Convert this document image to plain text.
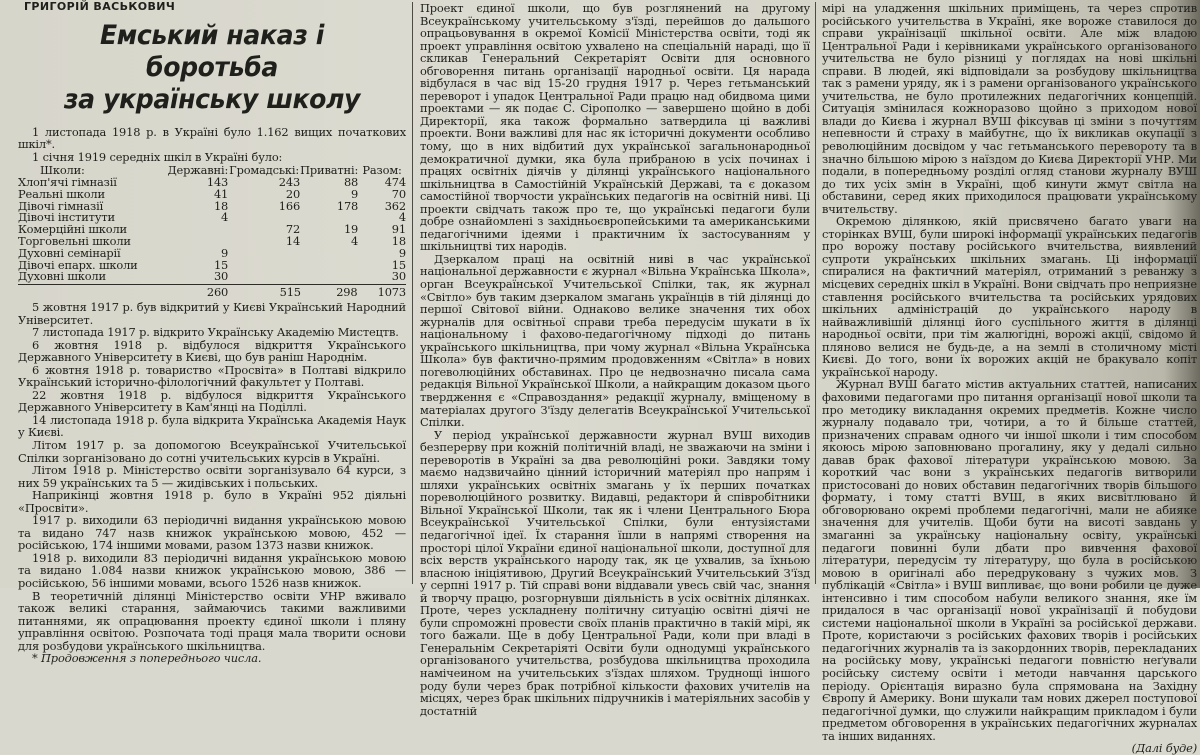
ГРИГОРІЙ ВАСЬКОВИЧ
Емський наказ і боротьба
за українську школу

1 листопада 1918 р. в Україні було 1.162 вищих початкових шкіл*.

1 січня 1919 середніх шкіл в Україні було:

Школи:	Державні:	Громадські:	Приватні:	Разом:
Хлоп'ячі гімназії	143	243	88	474
Реальні школи	41	20	9	70
Дівочі гімназії	18	166	178	362
Дівочі інститути	4			4
Комерційні школи		72	19	91
Торговельні школи		14	4	18
Духовні семінарії	9			9
Дівочі епарх. школи	15			15
Духовні школи	30			30
	260	515	298	1073

5 жовтня 1917 р. був відкритий у Києві Український Народний Університет.

7 листопада 1917 р. відкрито Українську Академію Мистецтв.

6 жовтня 1918 р. відбулося відкриття Українського Державного Університету в Києві, що був раніш Народнім.

6 жовтня 1918 р. товариство «Просвіта» в Полтаві відкрило Український історично-філологічний факультет у Полтаві.

22 жовтня 1918 р. відбулося відкриття Українського Державного Університету в Кам'янці на Поділлі.

14 листопада 1918 р. була відкрита Українська Академія Наук у Києві.

Літом 1917 р. за допомогою Всеукраїнської Учительської Спілки зорганізовано до сотні учительських курсів в Україні.

Літом 1918 р. Міністерство освіти зорганізувало 64 курси, з них 59 українських та 5 — жидівських і польських.

Наприкінці жовтня 1918 р. було в Україні 952 діяльні «Просвіти».

1917 р. виходили 63 періодичні видання українською мовою та видано 747 назв книжок українською мовою, 452 — російською, 174 іншими мовами, разом 1373 назви книжок.

1918 р. виходили 83 періодичні видання українською мовою та видано 1.084 назви книжок українською мовою, 386 — російською, 56 іншими мовами, всього 1526 назв книжок.

В теоретичній ділянці Міністерство освіти УНР вживало також великі старання, займаючись такими важливими питаннями, як опрацювання проекту єдиної школи і пляну управління освітою. Розпочата тоді праця мала творити основи для розбудови українського шкільництва.

* Продовження з попереднього числа.

Проект єдиної школи, що був розглянений на другому Всеукраїнському учительському з'їзді, перейшов до дальшого опрацьовування в окремої Комісії Міністерства освіти, тоді як проект управління освітою ухвалено на спеціальній нараді, що її скликав Генеральний Секретаріят Освіти для основного обговорення питань організації народньої освіти. Ця нарада відбулася в час від 15-20 грудня 1917 р. Через гетьманський переворот і упадок Центральної Ради працю над обидвома цими проектами — як подає С. Сірополко — завершено щойно в добі Директорії, яка також формально затвердила ці важливі проекти. Вони важливі для нас як історичні документи особливо тому, що в них відбитий дух української загальнонародньої демократичної думки, яка була прибраною в усіх починах і працях освітніх діячів у ділянці українського національного шкільництва в Самостійній Українській Державі, та є доказом самостійної творчости українських педагогів на освітній ниві. Ці проекти свідчать також про те, що українські педагоги були добре ознайомлені з західньоєвропейськими та американськими педагогічними ідеями і практичним їх застосуванням у шкільництві тих народів.

Дзеркалом праці на освітній ниві в час української національної державности є журнал «Вільна Українська Школа», орган Всеукраїнської Учительської Спілки, так, як журнал «Світло» був таким дзеркалом змагань українців в тій ділянці до першої Світової війни. Однаково велике значення тих обох журналів для освітньої справи треба передусім шукати в їх національному і фахово-педагогічному підході до питань українського шкільництва, при чому журнал «Вільна Українська Школа» був фактично-прямим продовженням «Світла» в нових поreволюційних обставинах. Про це недвозначно писала сама редакція Вільної Української Школи, а найкращим доказом цього твердження є «Справоздання» редакції журналу, вміщеному в матеріалах другого З'їзду делегатів Всеукраїнської Учительської Спілки.

У період української державности журнал ВУШ виходив безперерву при кожній політичній владі, не зважаючи на зміни і переворотів в Україні за два революційні роки. Завдяки тому маємо надзвичайно цінний історичний матеріял про напрям і шляхи українських освітніх змагань у їх перших початках пореволюційного розвитку. Видавці, редактори й співробітники Вільної Української Школи, так як і члени Центрального Бюра Всеукраїнської Учительської Спілки, були ентузіястами педагогічної ідеї. Їх старання їшли в напрямі створення на просторі цілої України єдиної національної школи, доступної для всіх верств українського народу так, як це ухвалив, за їхньою власною ініціятивою, Другий Всеукраїнський Учительський З'їзд у серпні 1917 р. Тій справі вони віддавали увесь свій час, знання й творчу працю, розгорнувши діяльність в усіх освітніх ділянках. Проте, через ускладнену політичну ситуацію освітні діячі не були спроможні провести своїх планів практично в такій мірі, як того бажали. Ще в добу Центральної Ради, коли при владі в Генеральнім Секретаріяті Освіти були однодумці українського організованого учительства, розбудова шкільництва проходила намічеином на учительських з'їздах шляхом. Труднощі іншого роду були через брак потрібної кількости фахових учителів на місцях, через брак шкільних підручників і матеріяльних засобів у достатній

мірі на уладження шкільних приміщень, та через спротив російського учительства в Україні, яке вороже ставилося до справи українізації шкільної освіти. Але між владою Центральної Ради і керівниками українського організованого учительства не було різниці у поглядах на нові шкільні справи. В людей, які відповідали за розбудову шкільництва так з рамени уряду, як і з рамени організованого українського учительства, не було протилежних педагогічних концепцій. Ситуація змінилася кожноразово щойно з приходом нової влади до Києва і журнал ВУШ фіксував ці зміни з почуттям непевности й страху в майбутнє, що їх викликав окупації з революційним досвідом у час гетьманського перевороту та в значно більшою мірою з наїздом до Києва Директорії УНР. Ми подали, в попередньому розділі огляд станови журналу ВУШ до тих усіх змін в Україні, щоб кинути жмут світла на обставини, серед яких приходилося працювати українському вчительству.

Окремою ділянкою, якій присвячено багато уваги на сторінках ВУШ, були широкі інформації українських педагогів про ворожу поставу російського вчительства, виявлений супроти українських шкільних змагань. Ці інформації спиралися на фактичний матеріял, отриманий з реванжу з місцевих середніх шкіл в Україні. Вони свідчать про неприязне ставлення російського вчительства та російських урядових шкільних адміністрацій до українського народу в найважливішій ділянці його суспільного життя в ділянці народньої освіти, при тім жалюгідні, ворожі акції, свідомо й пляново велися не будь-де, а на землі в столичному місті Києві. До того, вони їх ворожих акцій не бракувало копіт української народу.

Журнал ВУШ багато містив актуальних статтей, написаних фаховими педагогами про питання організації нової школи та про методику викладання окремих предметів. Кожне число журналу подавало три, чотири, а то й більше статтей, призначених справам одного чи іншої школи і тим способом якоюсь мірою заповнювано прогалину, яку у дедалі сильно давав брак фахової літератури українською мовою. За короткий час вони з українських педагогів витворили пристосовані до нових обставин педагогічних творів більшого формату, і тому статті ВУШ, в яких висвітлювано й обговорювано окремі проблеми педагогічні, мали не абияке значення для учителів. Щоби бути на висоті завдань у змаганні за українську національну освіту, українські педагоги повинні були дбати про вивчення фахової літератури, передусім ту літературу, що була в російською мовою в оригіналі або передруковану з чужих мов. З публікацій «Світла» і ВУШ випливає, що вони робили це дуже інтенсивно і тим способом набули великого знання, яке їм придалося в час організації нової українізації й побудови системи національної школи в Україні за російської держави. Проте, користаючи з російських фахових творів і російських педагогічних журналів та із закордонних творів, перекладаних на російську мову, українські педагоги повністю неґували російську систему освіти і методи навчання царського періоду. Орієнтація виразно була спрямована на Західну Європу й Америку. Вони шукали там нових джерел поступової педагогічної думки, що служили найкращим прикладом і були предметом обговорення в українських педагогічних журналах та інших виданнях.

(Далі буде)
